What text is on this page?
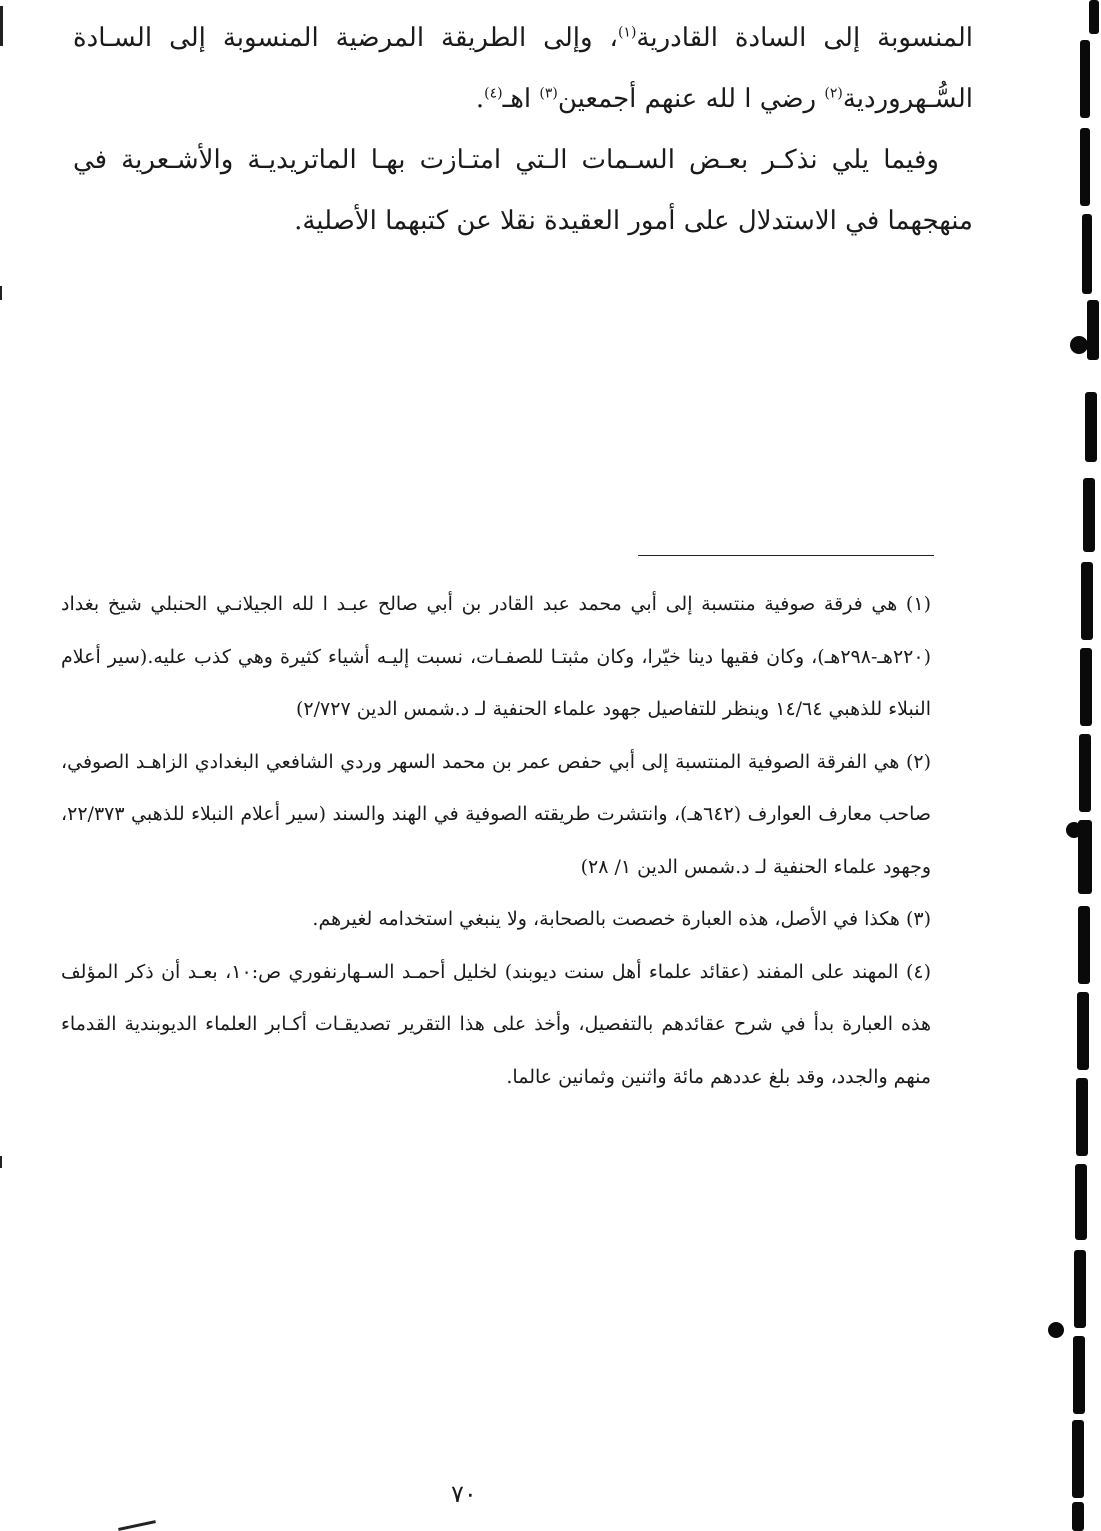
المنسوبة إلى السادة القادرية$^{(١)}$، وإلى الطريقة المرضية المنسوبة إلى السـادة السُّـهروردية$^{(٢)}$ رضي ا لله عنهم أجمعين$^{(٣)}$ اهـ$^{(٤)}$.

وفيما يلي نذكـر بعـض السـمات الـتي امتـازت بهـا الماتريديـة والأشـعرية في منهجهما في الاستدلال على أمور العقيدة نقلا عن كتبهما الأصلية.

(١) هي فرقة صوفية منتسبة إلى أبي محمد عبد القادر بن أبي صالح عبـد ا لله الجيلانـي الحنبلي شيخ بغداد (٢٢٠هـ-٢٩٨هـ)، وكان فقيها دينا خيّرا، وكان مثبتـا للصفـات، نسبت إليـه أشياء كثيرة وهي كذب عليه.(سير أعلام النبلاء للذهبي ١٤/٦٤ وينظر للتفاصيل جهود علماء الحنفية لـ د.شمس الدين ٢/٧٢٧)

(٢) هي الفرقة الصوفية المنتسبة إلى أبي حفص عمر بن محمد السهر وردي الشافعي البغدادي الزاهـد الصوفي، صاحب معارف العوارف (٦٤٢هـ)، وانتشرت طريقته الصوفية في الهند والسند (سير أعلام النبلاء للذهبي ٢٢/٣٧٣، وجهود علماء الحنفية لـ د.شمس الدين ١/ ٢٨)

(٣) هكذا في الأصل، هذه العبارة خصصت بالصحابة، ولا ينبغي استخدامه لغيرهم.

(٤) المهند على المفند (عقائد علماء أهل سنت ديوبند) لخليل أحمـد السـهارنفوري ص:١٠، بعـد أن ذكر المؤلف هذه العبارة بدأ في شرح عقائدهم بالتفصيل، وأخذ على هذا التقرير تصديقـات أكـابر العلماء الديوبندية القدماء منهم والجدد، وقد بلغ عددهم مائة واثنين وثمانين عالما.

٧٠
